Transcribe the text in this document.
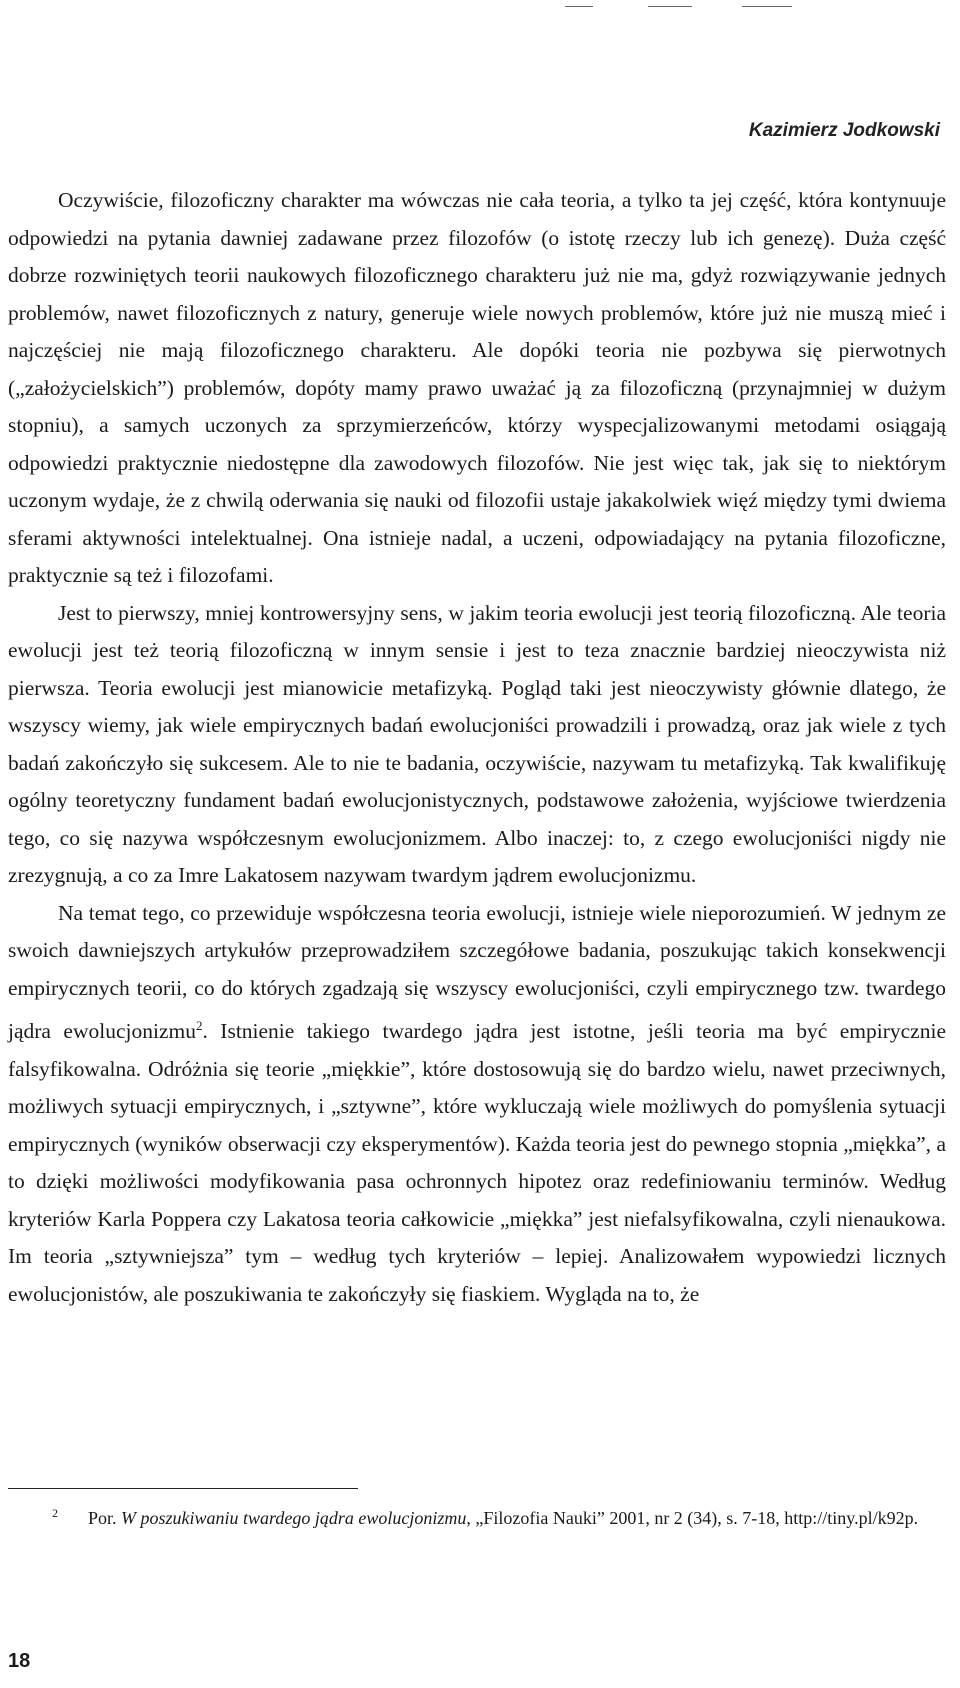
Kazimierz Jodkowski

Oczywiście, filozoficzny charakter ma wówczas nie cała teoria, a tylko ta jej część, która kontynuuje odpowiedzi na pytania dawniej zadawane przez filozofów (o istotę rzeczy lub ich genezę). Duża część dobrze rozwiniętych teorii naukowych filozoficznego charakteru już nie ma, gdyż rozwiązywanie jednych problemów, nawet filozoficznych z natury, generuje wiele nowych problemów, które już nie muszą mieć i najczęściej nie mają filozoficznego charakteru. Ale dopóki teoria nie pozbywa się pierwotnych („założycielskich”) problemów, dopóty mamy prawo uważać ją za filozoficzną (przynajmniej w dużym stopniu), a samych uczonych za sprzymierzeńców, którzy wyspecjalizowanymi metodami osiągają odpowiedzi praktycznie niedostępne dla zawodowych filozofów. Nie jest więc tak, jak się to niektórym uczonym wydaje, że z chwilą oderwania się nauki od filozofii ustaje jakakolwiek więź między tymi dwiema sferami aktywności intelektualnej. Ona istnieje nadal, a uczeni, odpowiadający na pytania filozoficzne, praktycznie są też i filozofami.

Jest to pierwszy, mniej kontrowersyjny sens, w jakim teoria ewolucji jest teorią filozoficzną. Ale teoria ewolucji jest też teorią filozoficzną w innym sensie i jest to teza znacznie bardziej nieoczywista niż pierwsza. Teoria ewolucji jest mianowicie metafizyką. Pogląd taki jest nieoczywisty głównie dlatego, że wszyscy wiemy, jak wiele empirycznych badań ewolucjoniści prowadzili i prowadzą, oraz jak wiele z tych badań zakończyło się sukcesem. Ale to nie te badania, oczywiście, nazywam tu metafizyką. Tak kwalifikuję ogólny teoretyczny fundament badań ewolucjonistycznych, podstawowe założenia, wyjściowe twierdzenia tego, co się nazywa współczesnym ewolucjonizmem. Albo inaczej: to, z czego ewolucjoniści nigdy nie zrezygnują, a co za Imre Lakatosem nazywam twardym jądrem ewolucjonizmu.

Na temat tego, co przewiduje współczesna teoria ewolucji, istnieje wiele nieporozumień. W jednym ze swoich dawniejszych artykułów przeprowadziłem szczegółowe badania, poszukując takich konsekwencji empirycznych teorii, co do których zgadzają się wszyscy ewolucjoniści, czyli empirycznego tzw. twardego jądra ewolucjonizmu$^2$. Istnienie takiego twardego jądra jest istotne, jeśli teoria ma być empirycznie falsyfikowalna. Odróżnia się teorie „miękkie”, które dostosowują się do bardzo wielu, nawet przeciwnych, możliwych sytuacji empirycznych, i „sztywne”, które wykluczają wiele możliwych do pomyślenia sytuacji empirycznych (wyników obserwacji czy eksperymentów). Każda teoria jest do pewnego stopnia „miękka”, a to dzięki możliwości modyfikowania pasa ochronnych hipotez oraz redefiniowaniu terminów. Według kryteriów Karla Poppera czy Lakatosa teoria całkowicie „miękka” jest niefalsyfikowalna, czyli nienaukowa. Im teoria „sztywniejsza” tym – według tych kryteriów – lepiej. Analizowałem wypowiedzi licznych ewolucjonistów, ale poszukiwania te zakończyły się fiaskiem. Wygląda na to, że

$^2$ Por. W poszukiwaniu twardego jądra ewolucjonizmu, „Filozofia Nauki” 2001, nr 2 (34), s. 7-18, http://tiny.pl/k92p.
18
